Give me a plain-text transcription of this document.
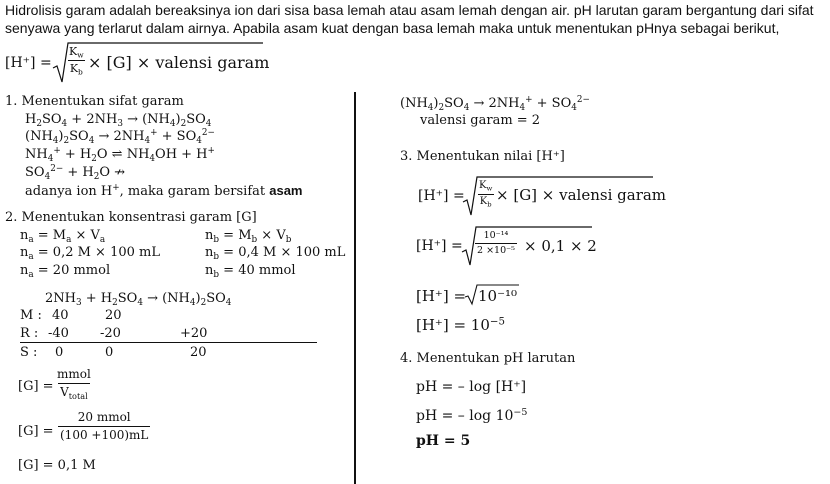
Hidrolisis garam adalah bereaksinya ion dari sisa basa lemah atau asam lemah dengan air. pH larutan garam bergantung dari sifat
senyawa yang terlarut dalam airnya. Apabila asam kuat dengan basa lemah maka untuk menentukan pHnya sebagai berikut,
$[H^+] = \frac{K_w}{K_b} \times [G]$ × valensi garam
1. Menentukan sifat garam
$H_2SO_4 + 2NH_3 \to (NH_4)_2SO_4$
$(NH_4)_2SO_4 \to 2NH_4^+ + SO_4^{2-}$
$NH_4^+ + H_2O$ ⇌ $NH_4OH + H^+$
$SO_4^{2-} + H_2O$ ↛
adanya ion H+, maka garam bersifat asam
2. Menentukan konsentrasi garam [G]
$n_a = M_a \times V_a$
$n_a = 0,2$ M × 100 mL
$n_a = 20$ mmol
$n_b = M_b \times V_b$
$n_b = 0,4$ M × 100 mL
$n_b = 40$ mmol
$2NH_3 + H_2SO_4 \to (NH_4)_2SO_4$
M : 40	20
R : -40 -20	+20
S : 0	0	20
$[G] = \frac{\text{mmol}}{V_{total}}$
$[G] = \frac{\text{20 mmol}}{(100 +100)mL}$
[G] = 0,1 M
$(NH_4)_2SO_4 \to 2NH_4^+ + SO_4^{2-}$
valensi garam = 2
3. Menentukan nilai [H⁺]
$[H^+] = \frac{K_w}{K_b} \times [G]$ × valensi garam
$[H^+] = \frac{\text{10⁻¹⁴}}{\text{2 ×10⁻⁵}} \times 0,1 \times 2$
[H⁺] = 10⁻¹⁰
$[H^+] = 10^{-5}$
4. Menentukan pH larutan
pH = – log [H⁺]
pH = – $\log 10^{-5}$
pH = 5
